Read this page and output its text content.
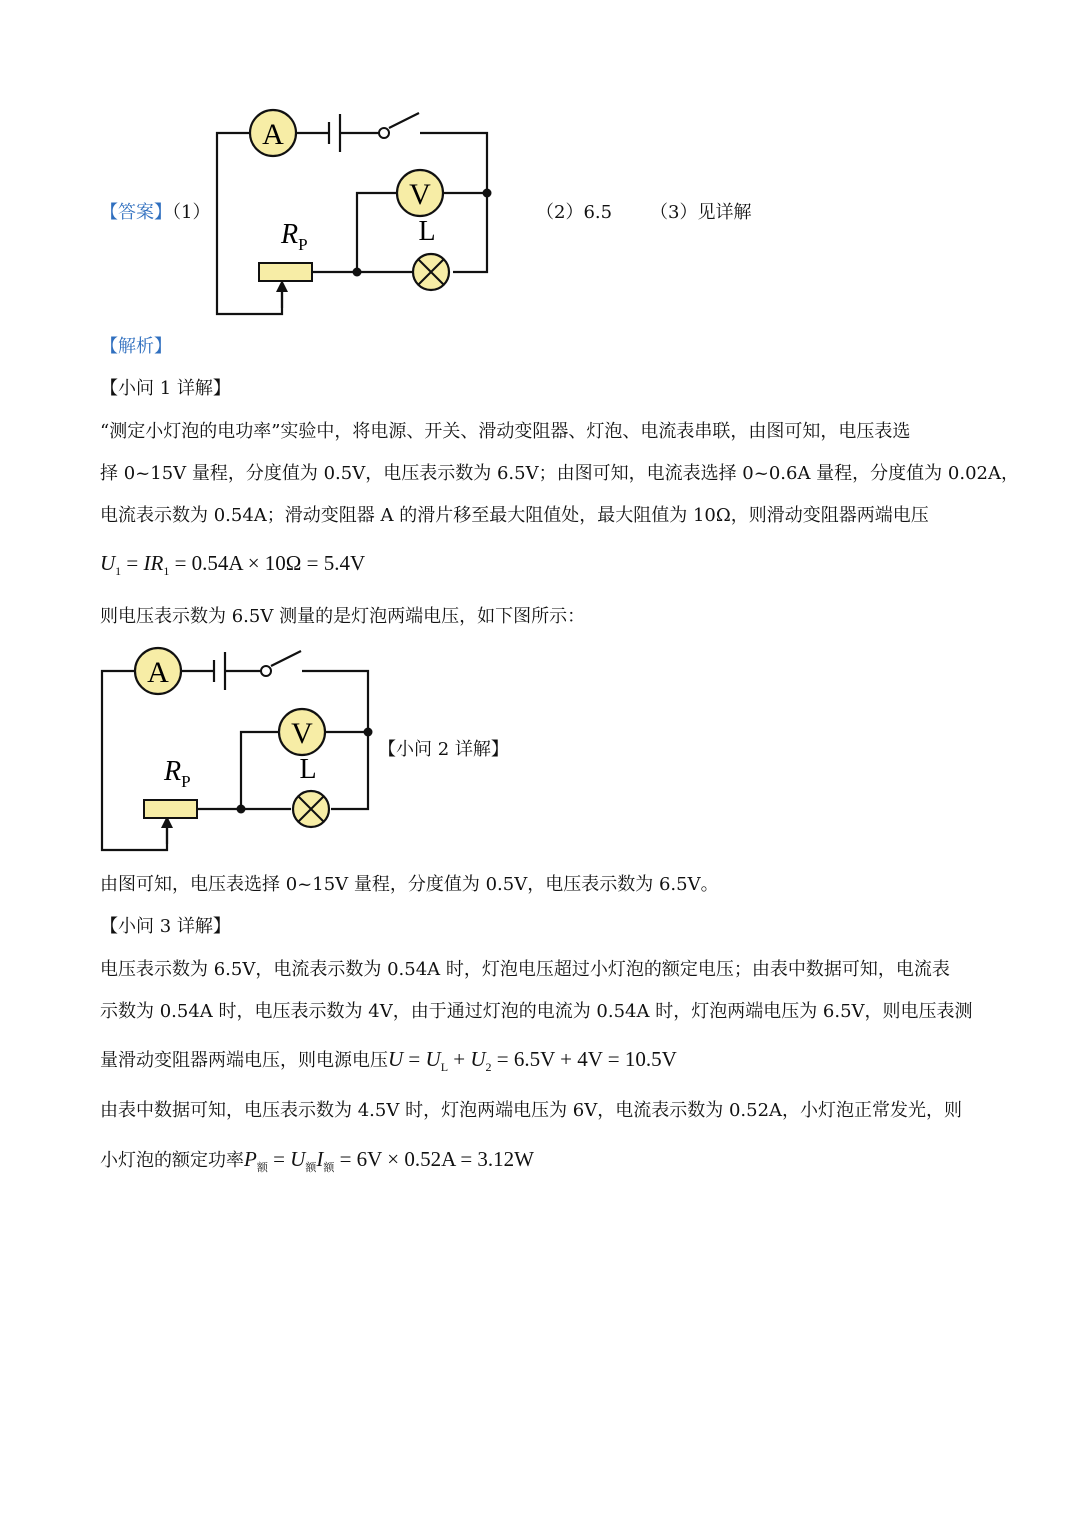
【答案】（1）	（2）6.5 （3）见详解
A
V
L
$R_P$
【解析】
【小问 1 详解】
“测定小灯泡的电功率”实验中，将电源、开关、滑动变阻器、灯泡、电流表串联，由图可知，电压表选
择 0~15V 量程，分度值为 0.5V，电压表示数为 6.5V；由图可知，电流表选择 0~0.6A 量程，分度值为 0.02A，
电流表示数为 0.54A；滑动变阻器 A 的滑片移至最大阻值处，最大阻值为 10Ω，则滑动变阻器两端电压
$U_1 = IR_1 = 0.54A \times 10\Omega = 5.4V$
则电压表示数为 6.5V 测量的是灯泡两端电压，如下图所示：
A
V
L
$R_P$
【小问 2 详解】
由图可知，电压表选择 0~15V 量程，分度值为 0.5V，电压表示数为 6.5V。
【小问 3 详解】
电压表示数为 6.5V，电流表示数为 0.54A 时，灯泡电压超过小灯泡的额定电压；由表中数据可知，电流表
示数为 0.54A 时，电压表示数为 4V，由于通过灯泡的电流为 0.54A 时，灯泡两端电压为 6.5V，则电压表测
量滑动变阻器两端电压，则电源电压$U = U_L + U_2 = 6.5V + 4V = 10.5V$
由表中数据可知，电压表示数为 4.5V 时，灯泡两端电压为 6V，电流表示数为 0.52A，小灯泡正常发光，则
小灯泡的额定功率$P_额 = U_额I_额 = 6V \times 0.52A = 3.12W$
